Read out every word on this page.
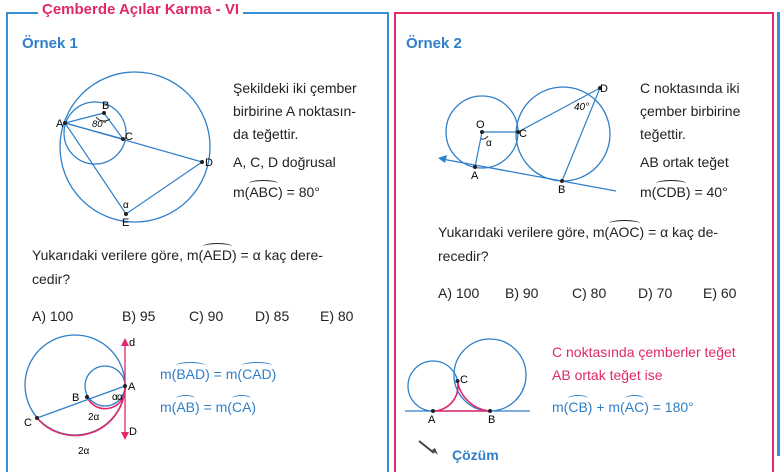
Çemberde Açılar Karma - VI
Örnek 1
A
B
C
D
E
80°
α
Şekildeki iki çember
birbirine A noktasın-
da teğettir.
A, C, D doğrusal
m(ABC) = 80°
Yukarıdaki verilere göre, m(AED) = α kaç dere-
cedir?
A) 100	B) 95 C) 90 D) 85 E) 80
A
B
C
d
D
2α
2α
α α
m(BAD) = m(CAD)
m(AB) = m(CA)
Örnek 2
O
C
D
A
B
40°
α
C noktasında iki
çember birbirine
teğettir.
AB ortak teğet
m(CDB) = 40°
Yukarıdaki verilere göre, m(AOC) = α kaç de-
recedir?
A) 100 B) 90 C) 80 D) 70 E) 60
C
A	B
C noktasında çemberler teğet
AB ortak teğet ise
m(CB) + m(AC) = 180°
Çözüm
